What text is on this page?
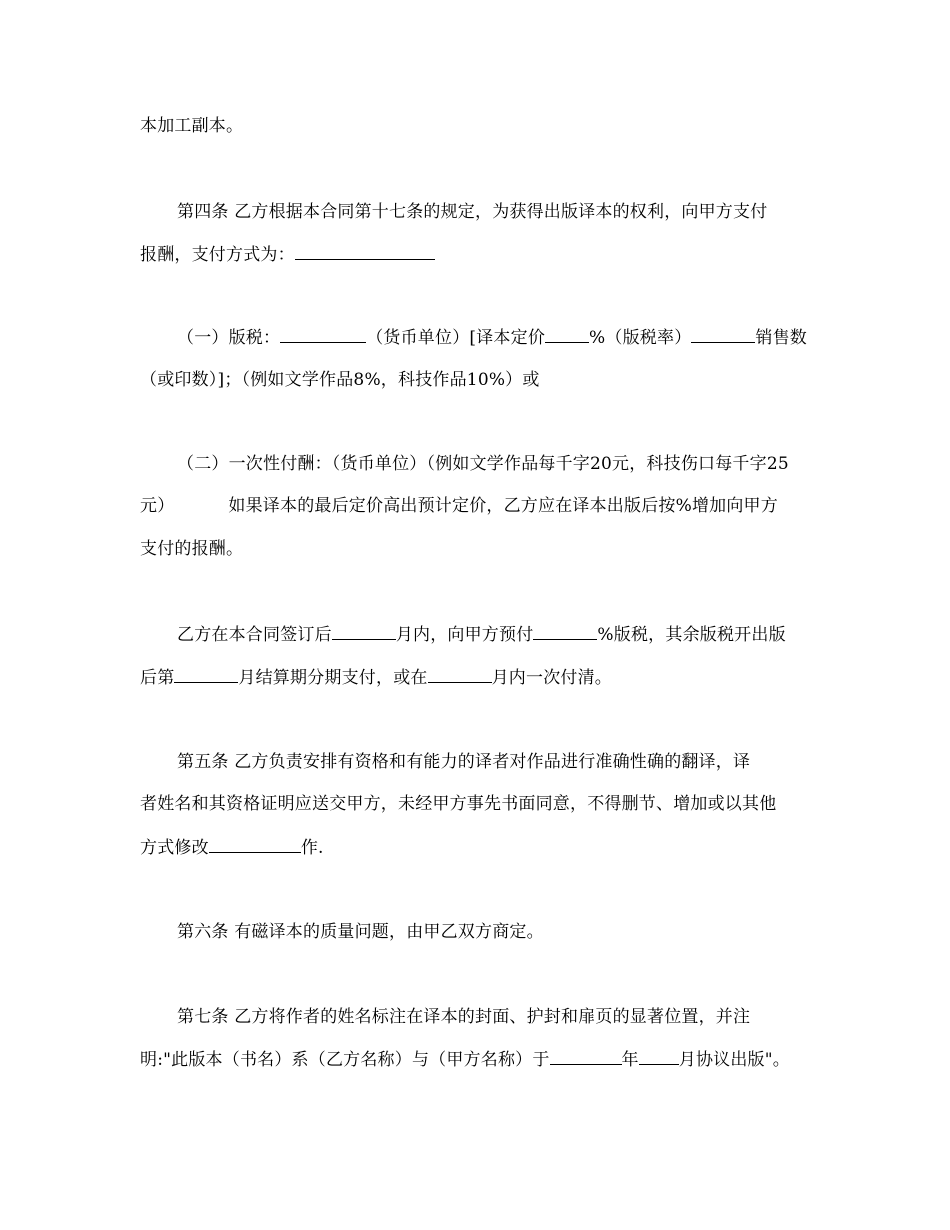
本加工副本。
第四条 乙方根据本合同第十七条的规定，为获得出版译本的权利，向甲方支付
报酬，支付方式为：
（一）版税：	（货币单位）[译本定价	%（版税率）	销售数
（或印数）]；（例如文学作品8%，科技作品10%）或
（二）一次性付酬：（货币单位）（例如文学作品每千字20元，科技伤口每千字25
元）	如果译本的最后定价高出预计定价，乙方应在译本出版后按%增加向甲方
支付的报酬。
乙方在本合同签订后	月内，向甲方预付	%版税，其余版税开出版
后第	月结算期分期支付，或在	月内一次付清。
第五条 乙方负责安排有资格和有能力的译者对作品进行准确性确的翻译，译
者姓名和其资格证明应送交甲方，未经甲方事先书面同意，不得删节、增加或以其他
方式修改	作.
第六条 有磁译本的质量问题，由甲乙双方商定。
第七条 乙方将作者的姓名标注在译本的封面、护封和扉页的显著位置，并注
明:"此版本（书名）系（乙方名称）与（甲方名称）于	年 月协议出版"。
